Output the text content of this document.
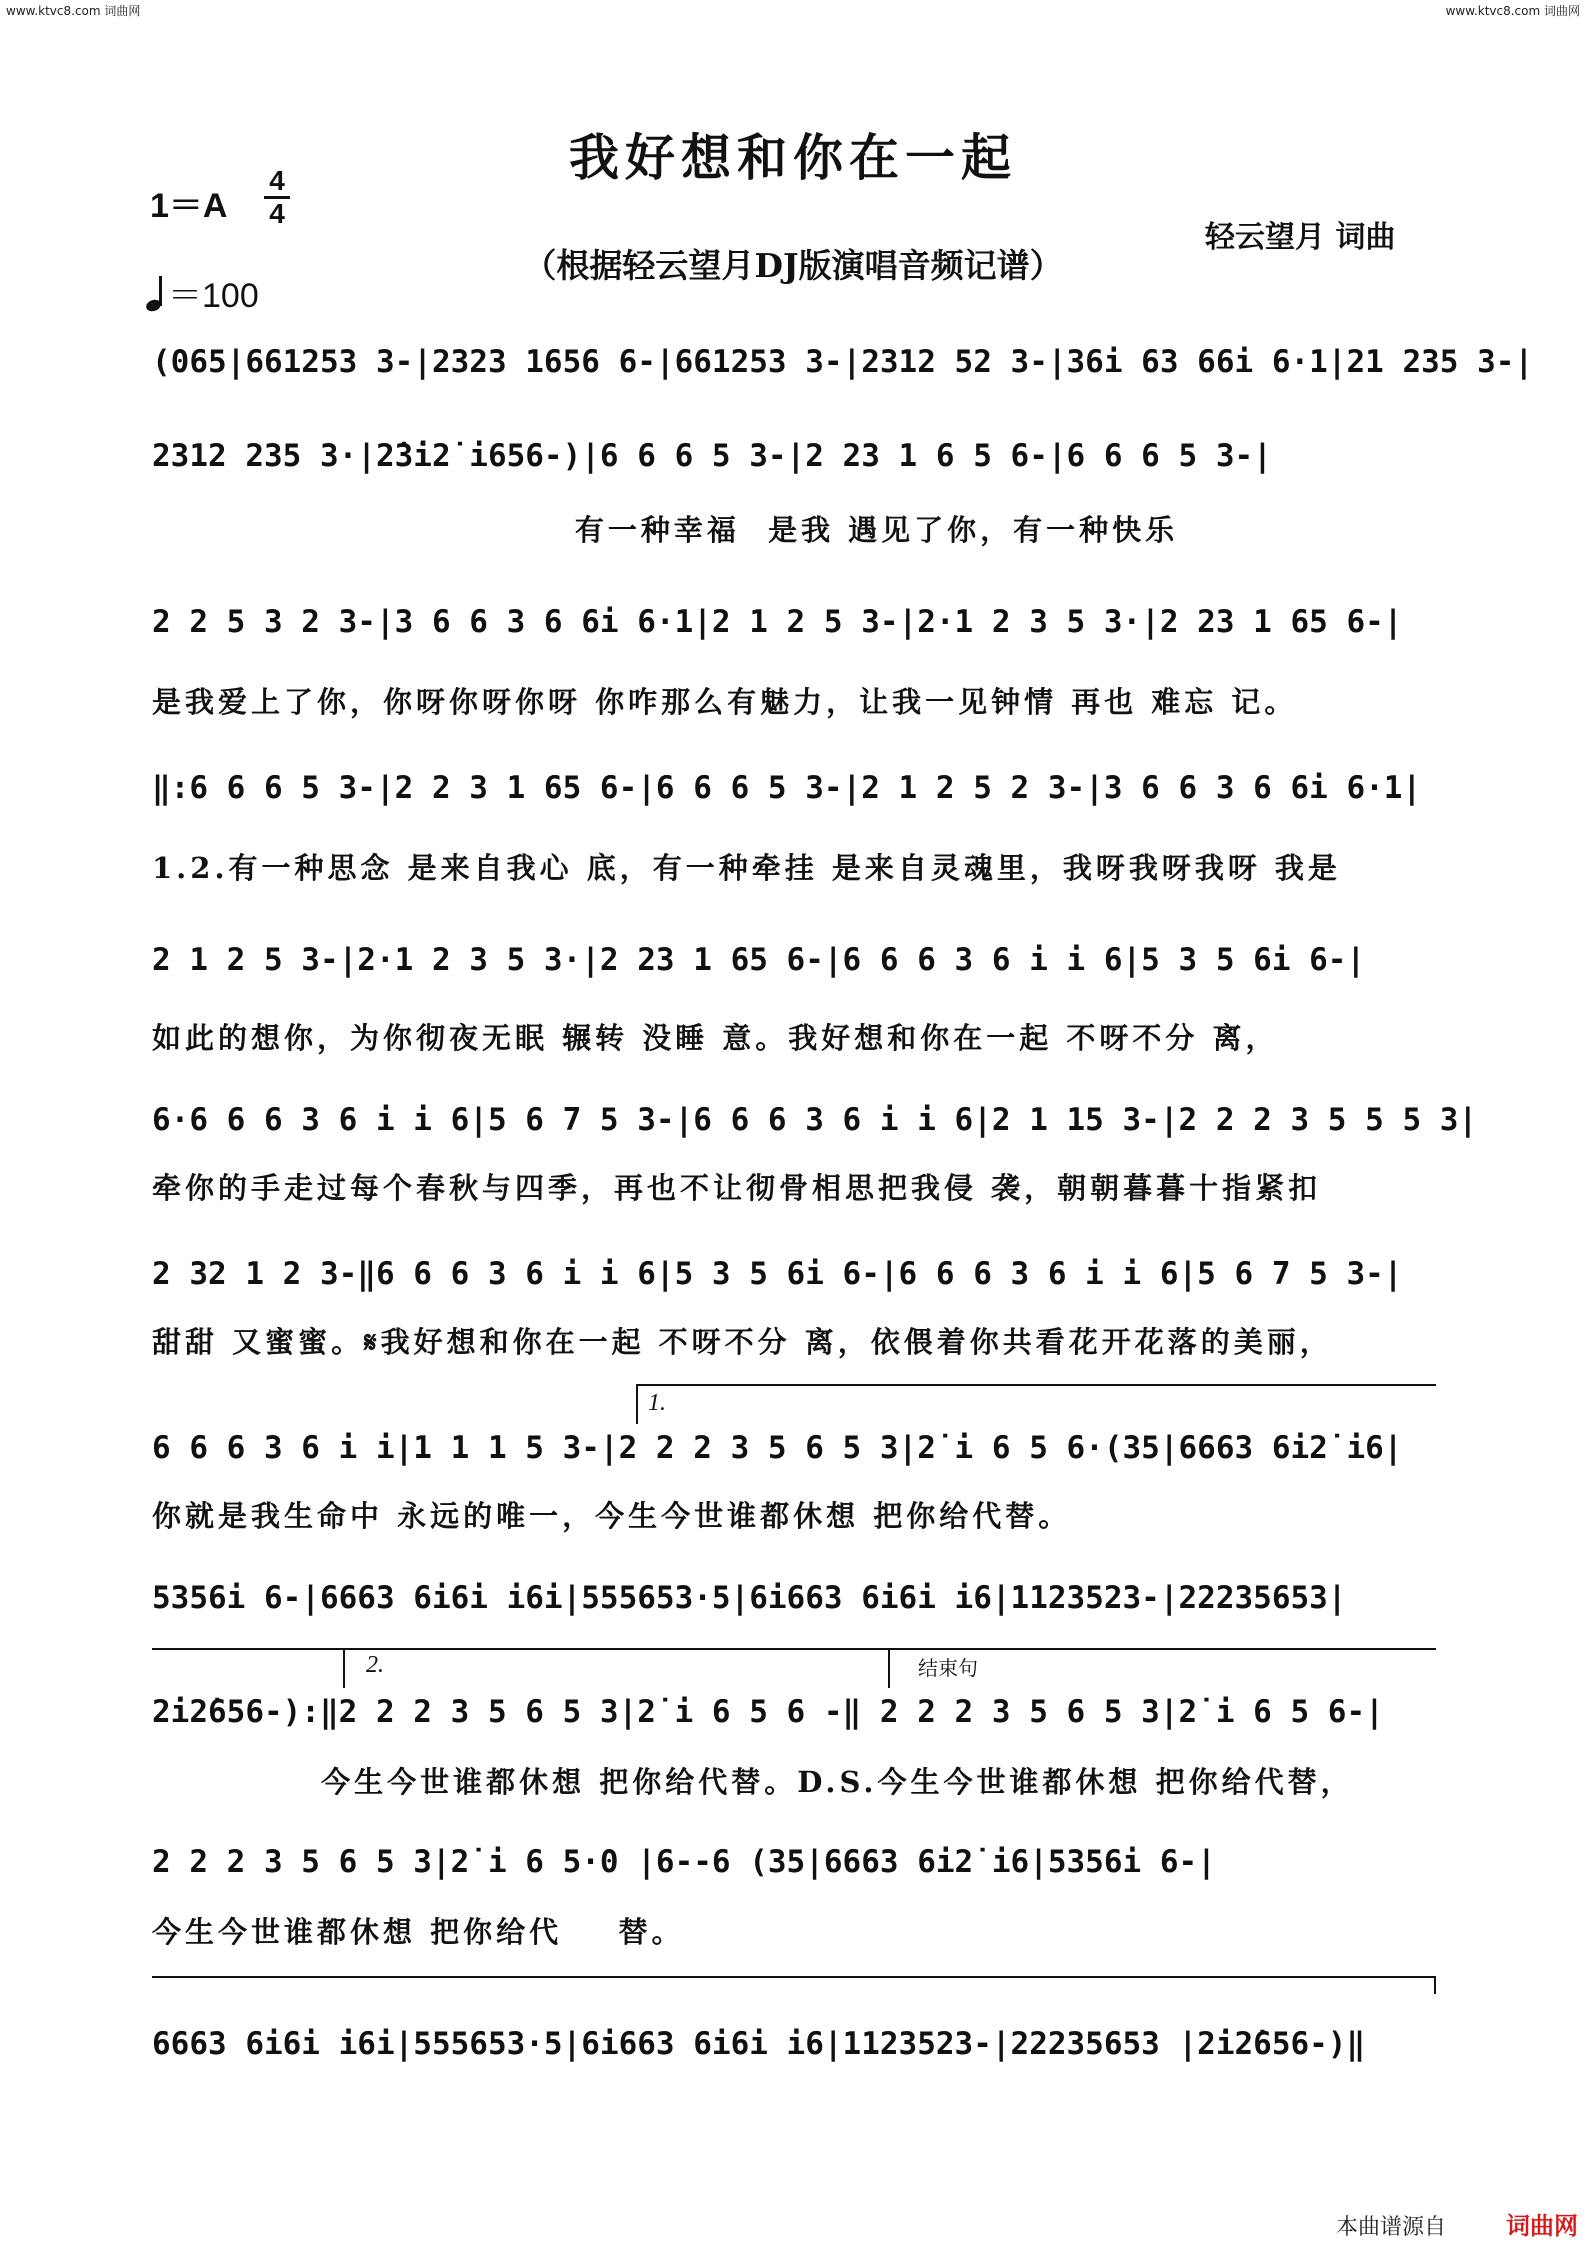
www.ktvc8.com 词曲网	www.ktvc8.com 词曲网
我好想和你在一起
1＝A
4
4
＝100
（根据轻云望月DJ版演唱音频记谱）
轻云望月 词曲
(065|661253 3-|2323 1656 6-|661253 3-|2312 52 3-|36i 63 66i 6·1|21 235 3-|
2312 235 3·|2̇3̇i2̇ i656-)|6 6 6 5 3-|2 23 1 6 5 6-|6 6 6 5 3-|
有一种幸福  是我 遇见了你，有一种快乐
2 2 5 3 2 3-|3 6 6 3 6 6i 6·1|2 1 2 5 3-|2·1 2 3 5 3·|2 23 1 65 6-|
是我爱上了你，你呀你呀你呀 你咋那么有魅力，让我一见钟情 再也 难忘 记。
‖:6 6 6 5 3-|2 2 3 1 65 6-|6 6 6 5 3-|2 1 2 5 2 3-|3 6 6 3 6 6i 6·1|
1.2.有一种思念 是来自我心 底，有一种牵挂 是来自灵魂里，我呀我呀我呀 我是
2 1 2 5 3-|2·1 2 3 5 3·|2 23 1 65 6-|6 6 6 3 6 i i 6|5 3 5 6i 6-|
如此的想你，为你彻夜无眠 辗转 没睡 意。我好想和你在一起 不呀不分 离，
6·6 6 6 3 6 i i 6|5 6 7 5 3-|6 6 6 3 6 i i 6|2 1 15 3-|2 2 2 3 5 5 5 3|
牵你的手走过每个春秋与四季，再也不让彻骨相思把我侵 袭，朝朝暮暮十指紧扣
2 32 1 2 3-‖6 6 6 3 6 i i 6|5 3 5 6i 6-|6 6 6 3 6 i i 6|5 6 7 5 3-|
甜甜 又蜜蜜。𝄋我好想和你在一起 不呀不分 离，依偎着你共看花开花落的美丽，
1.
6 6 6 3 6 i i|1 1 1 5 3-|2 2 2 3 5 6 5 3|2̇ i 6 5 6·(35|6663 6i2̇ i6|
你就是我生命中 永远的唯一，今生今世谁都休想 把你给代替。
5356i 6-|6663 6i6i i6i|555653·5|6i663 6i6i i6|1123523-|22235653|
2.	结束句
2̇i2̇656-):‖2 2 2 3 5 6 5 3|2̇ i 6 5 6 -‖ 2 2 2 3 5 6 5 3|2̇ i 6 5 6-|
今生今世谁都休想 把你给代替。D.S.今生今世谁都休想 把你给代替，
2 2 2 3 5 6 5 3|2̇ i 6 5·0 |6--6 (35|6663 6i2̇ i6|5356i 6-|
今生今世谁都休想 把你给代    替。
6663 6i6i i6i|555653·5|6i663 6i6i i6|1123523-|22235653 |2̇i2̇656-)‖
本曲谱源自	词曲网
